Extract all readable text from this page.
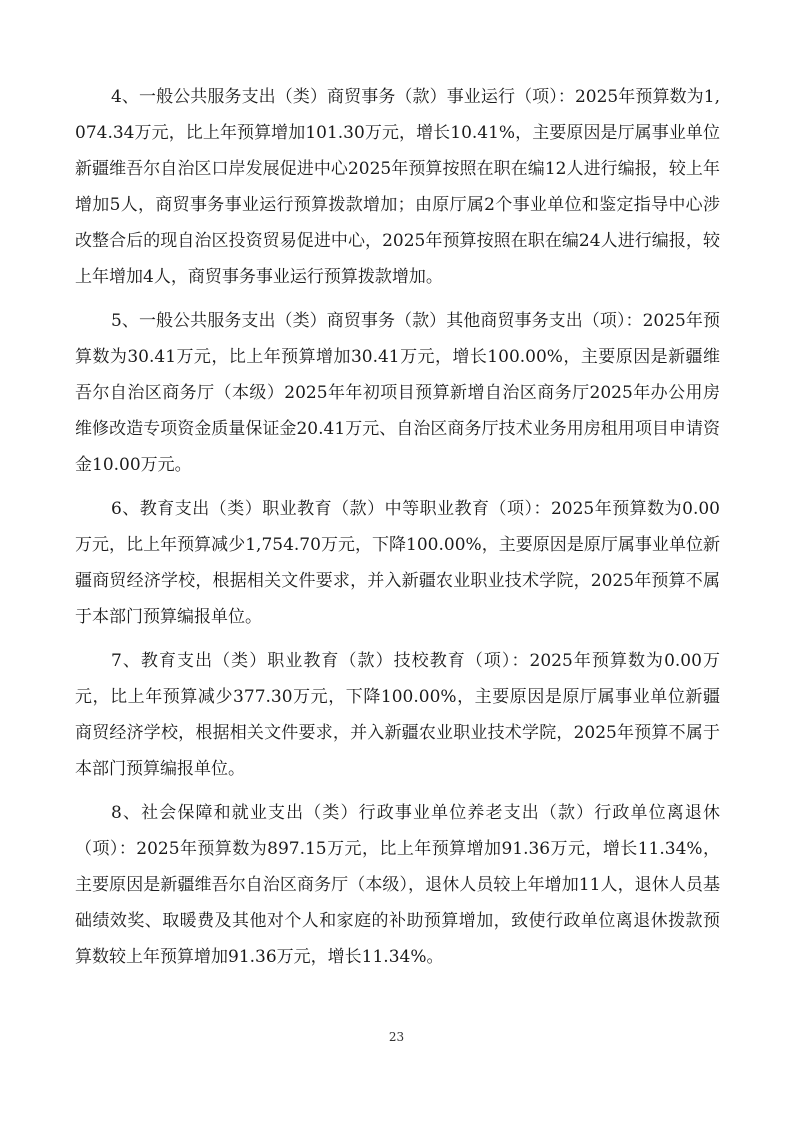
4、一般公共服务支出（类）商贸事务（款）事业运行（项）：2025年预算数为1,074.34万元，比上年预算增加101.30万元，增长10.41%，主要原因是厅属事业单位新疆维吾尔自治区口岸发展促进中心2025年预算按照在职在编12人进行编报，较上年增加5人，商贸事务事业运行预算拨款增加；由原厅属2个事业单位和鉴定指导中心涉改整合后的现自治区投资贸易促进中心，2025年预算按照在职在编24人进行编报，较上年增加4人，商贸事务事业运行预算拨款增加。

5、一般公共服务支出（类）商贸事务（款）其他商贸事务支出（项）：2025年预算数为30.41万元，比上年预算增加30.41万元，增长100.00%，主要原因是新疆维吾尔自治区商务厅（本级）2025年年初项目预算新增自治区商务厅2025年办公用房维修改造专项资金质量保证金20.41万元、自治区商务厅技术业务用房租用项目申请资金10.00万元。

6、教育支出（类）职业教育（款）中等职业教育（项）：2025年预算数为0.00万元，比上年预算减少1,754.70万元，下降100.00%，主要原因是原厅属事业单位新疆商贸经济学校，根据相关文件要求，并入新疆农业职业技术学院，2025年预算不属于本部门预算编报单位。

7、教育支出（类）职业教育（款）技校教育（项）：2025年预算数为0.00万元，比上年预算减少377.30万元，下降100.00%，主要原因是原厅属事业单位新疆商贸经济学校，根据相关文件要求，并入新疆农业职业技术学院，2025年预算不属于本部门预算编报单位。

8、社会保障和就业支出（类）行政事业单位养老支出（款）行政单位离退休（项）：2025年预算数为897.15万元，比上年预算增加91.36万元，增长11.34%，主要原因是新疆维吾尔自治区商务厅（本级），退休人员较上年增加11人，退休人员基础绩效奖、取暖费及其他对个人和家庭的补助预算增加，致使行政单位离退休拨款预算数较上年预算增加91.36万元，增长11.34%。

23
